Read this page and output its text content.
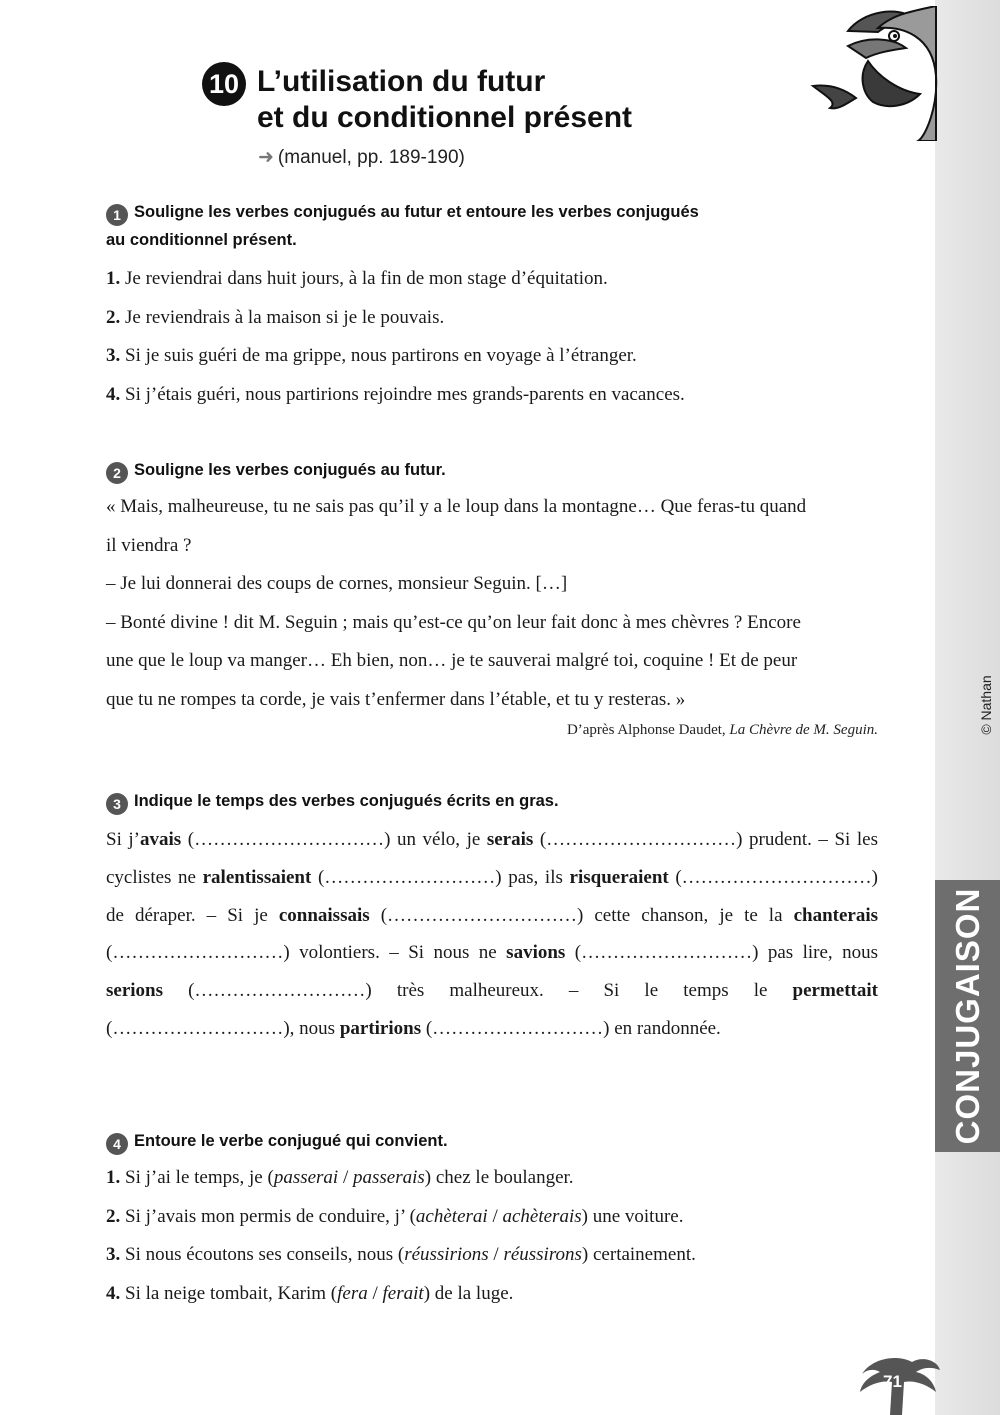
© Nathan
CONJUGAISON
10 L’utilisation du futur
et du conditionnel présent
➜ (manuel, pp. 189-190)
1 Souligne les verbes conjugués au futur et entoure les verbes conjugués
au conditionnel présent.
1. Je reviendrai dans huit jours, à la fin de mon stage d’équitation.
2. Je reviendrais à la maison si je le pouvais.
3. Si je suis guéri de ma grippe, nous partirons en voyage à l’étranger.
4. Si j’étais guéri, nous partirions rejoindre mes grands-parents en vacances.
2 Souligne les verbes conjugués au futur.
« Mais, malheureuse, tu ne sais pas qu’il y a le loup dans la montagne… Que feras-tu quand
il viendra ?
– Je lui donnerai des coups de cornes, monsieur Seguin. […]
– Bonté divine ! dit M. Seguin ; mais qu’est-ce qu’on leur fait donc à mes chèvres ? Encore
une que le loup va manger… Eh bien, non… je te sauverai malgré toi, coquine ! Et de peur
que tu ne rompes ta corde, je vais t’enfermer dans l’étable, et tu y resteras. »
D’après Alphonse Daudet, La Chèvre de M. Seguin.
3 Indique le temps des verbes conjugués écrits en gras.
Si j’avais (…………………………) un vélo, je serais (…………………………) prudent. – Si les cyclistes ne ralentissaient (………………………) pas, ils risqueraient (…………………………) de déraper. – Si je connaissais (…………………………) cette chanson, je te la chanterais (………………………) volontiers. – Si nous ne savions (………………………) pas lire, nous serions (………………………) très malheureux. – Si le temps le permettait (………………………), nous partirions (………………………) en randonnée.
4 Entoure le verbe conjugué qui convient.
1. Si j’ai le temps, je (passerai / passerais) chez le boulanger.
2. Si j’avais mon permis de conduire, j’ (achèterai / achèterais) une voiture.
3. Si nous écoutons ses conseils, nous (réussirions / réussirons) certainement.
4. Si la neige tombait, Karim (fera / ferait) de la luge.
71
